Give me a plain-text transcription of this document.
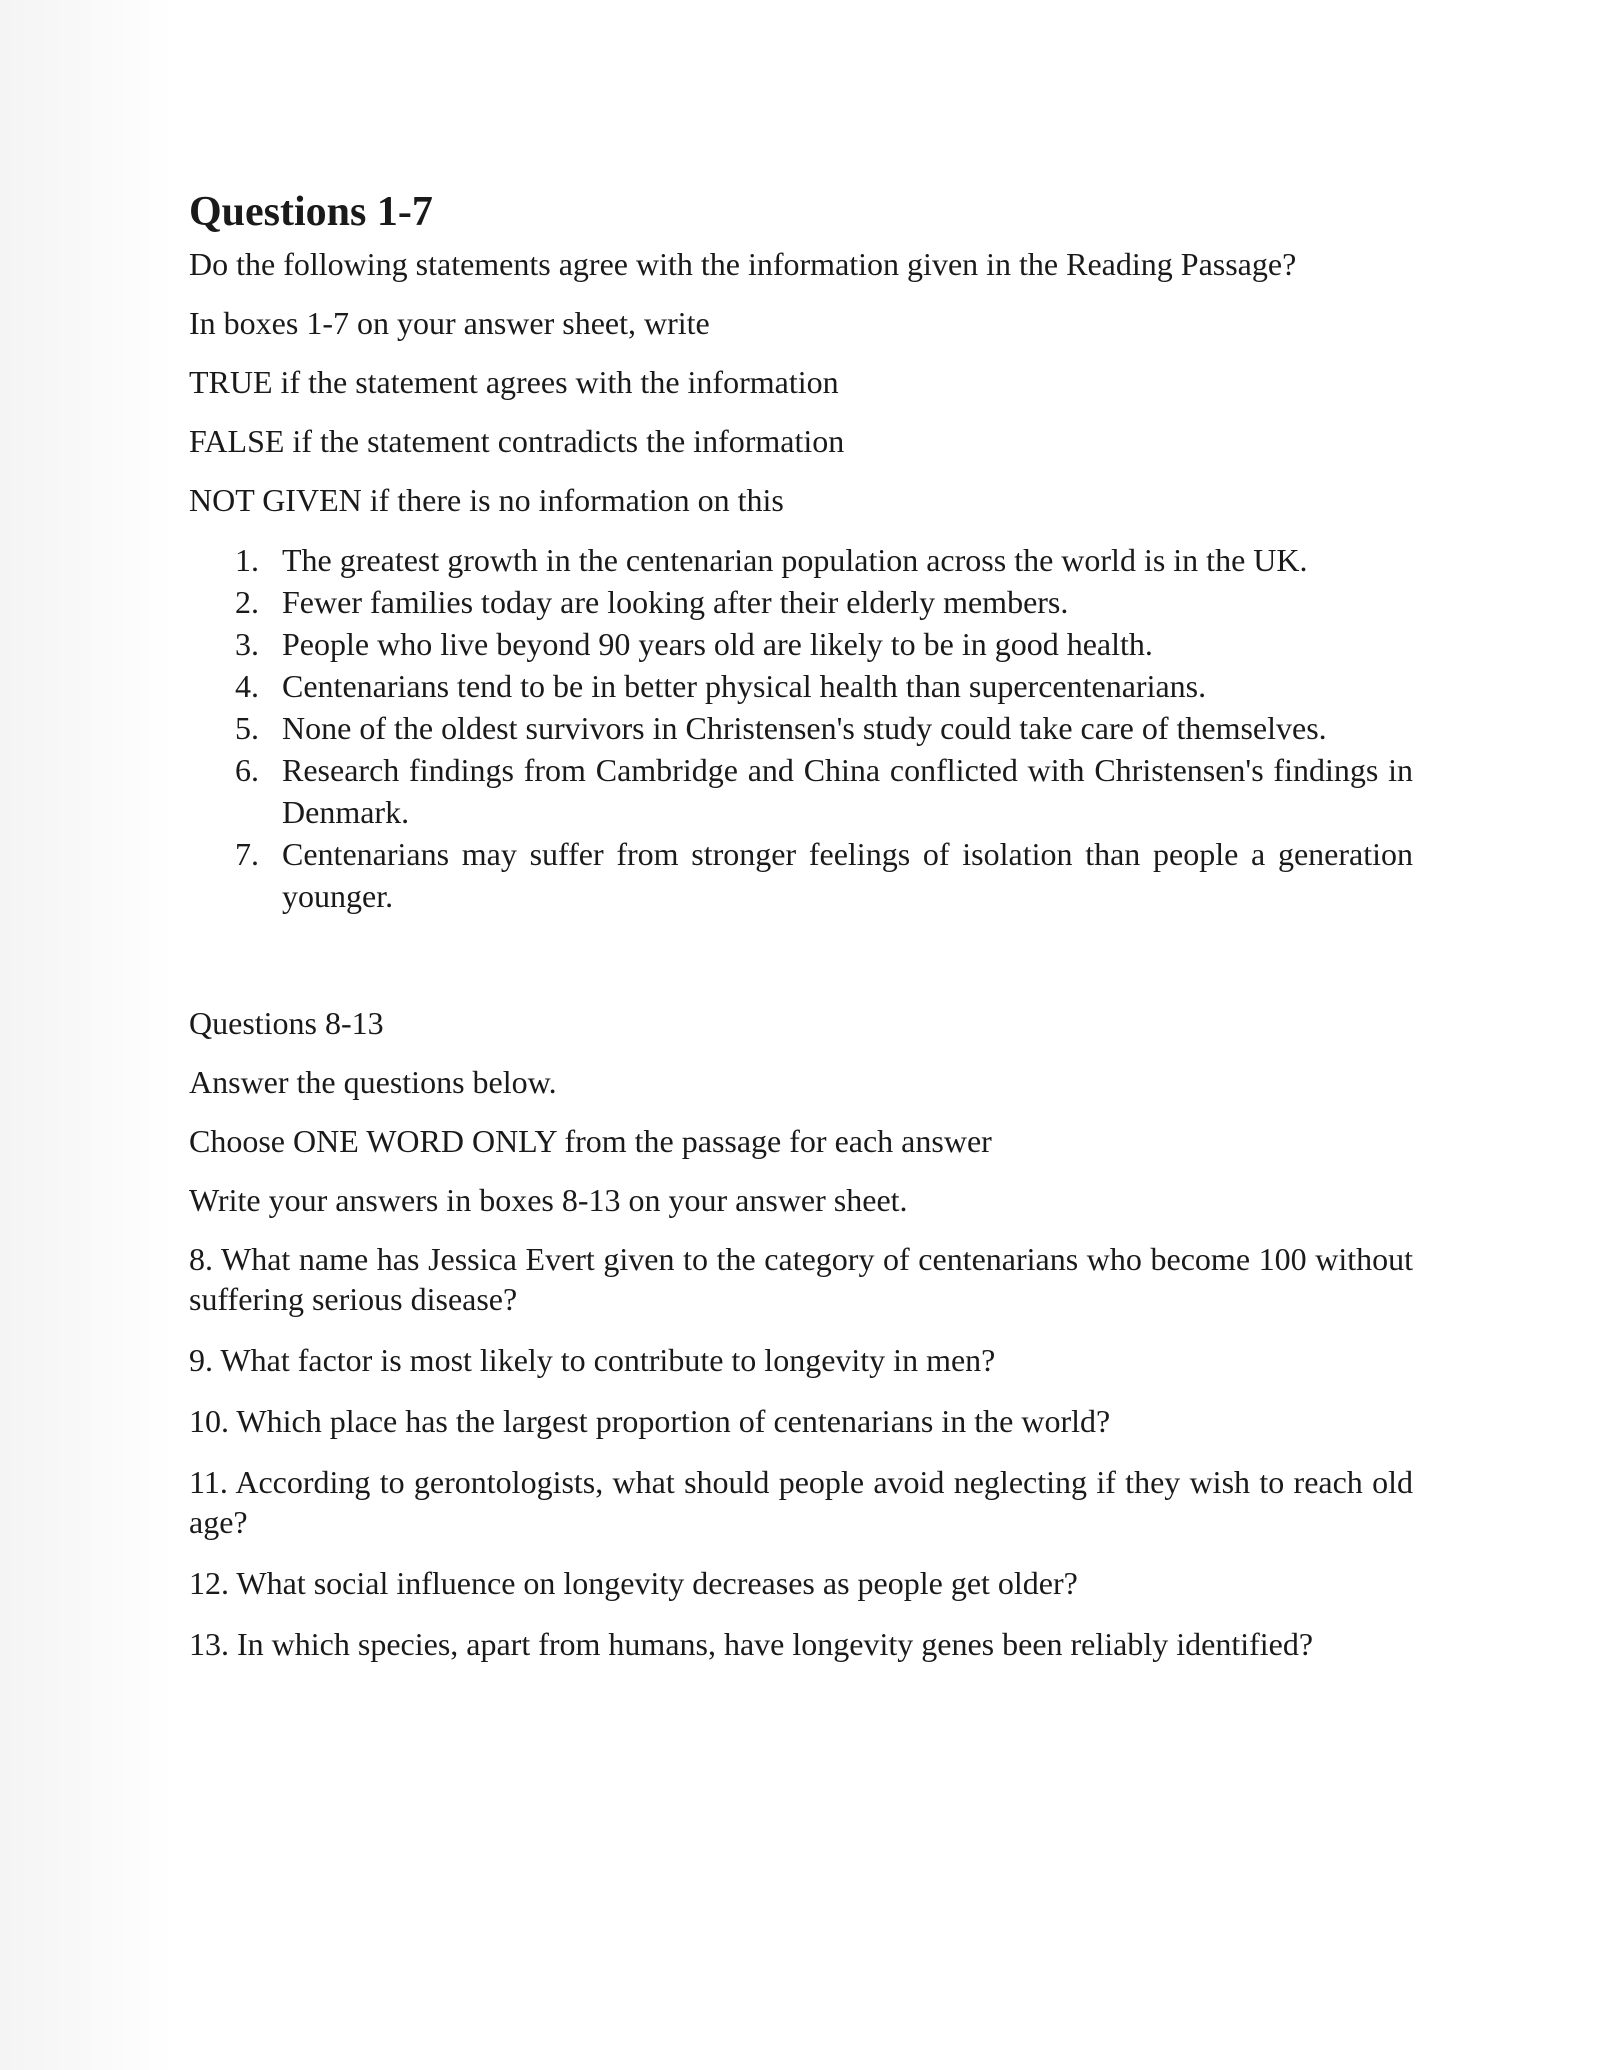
Questions 1-7

Do the following statements agree with the information given in the Reading Passage?

In boxes 1-7 on your answer sheet, write

TRUE if the statement agrees with the information

FALSE if the statement contradicts the information

NOT GIVEN if there is no information on this

1. The greatest growth in the centenarian population across the world is in the UK.
2. Fewer families today are looking after their elderly members.
3. People who live beyond 90 years old are likely to be in good health.
4. Centenarians tend to be in better physical health than supercentenarians.
5. None of the oldest survivors in Christensen's study could take care of themselves.
6. Research findings from Cambridge and China conflicted with Christensen's findings in Denmark.
7. Centenarians may suffer from stronger feelings of isolation than people a generation younger.

Questions 8-13

Answer the questions below.

Choose ONE WORD ONLY from the passage for each answer

Write your answers in boxes 8-13 on your answer sheet.

8. What name has Jessica Evert given to the category of centenarians who become 100 without suffering serious disease?

9. What factor is most likely to contribute to longevity in men?

10. Which place has the largest proportion of centenarians in the world?

11. According to gerontologists, what should people avoid neglecting if they wish to reach old age?

12. What social influence on longevity decreases as people get older?

13. In which species, apart from humans, have longevity genes been reliably identified?
